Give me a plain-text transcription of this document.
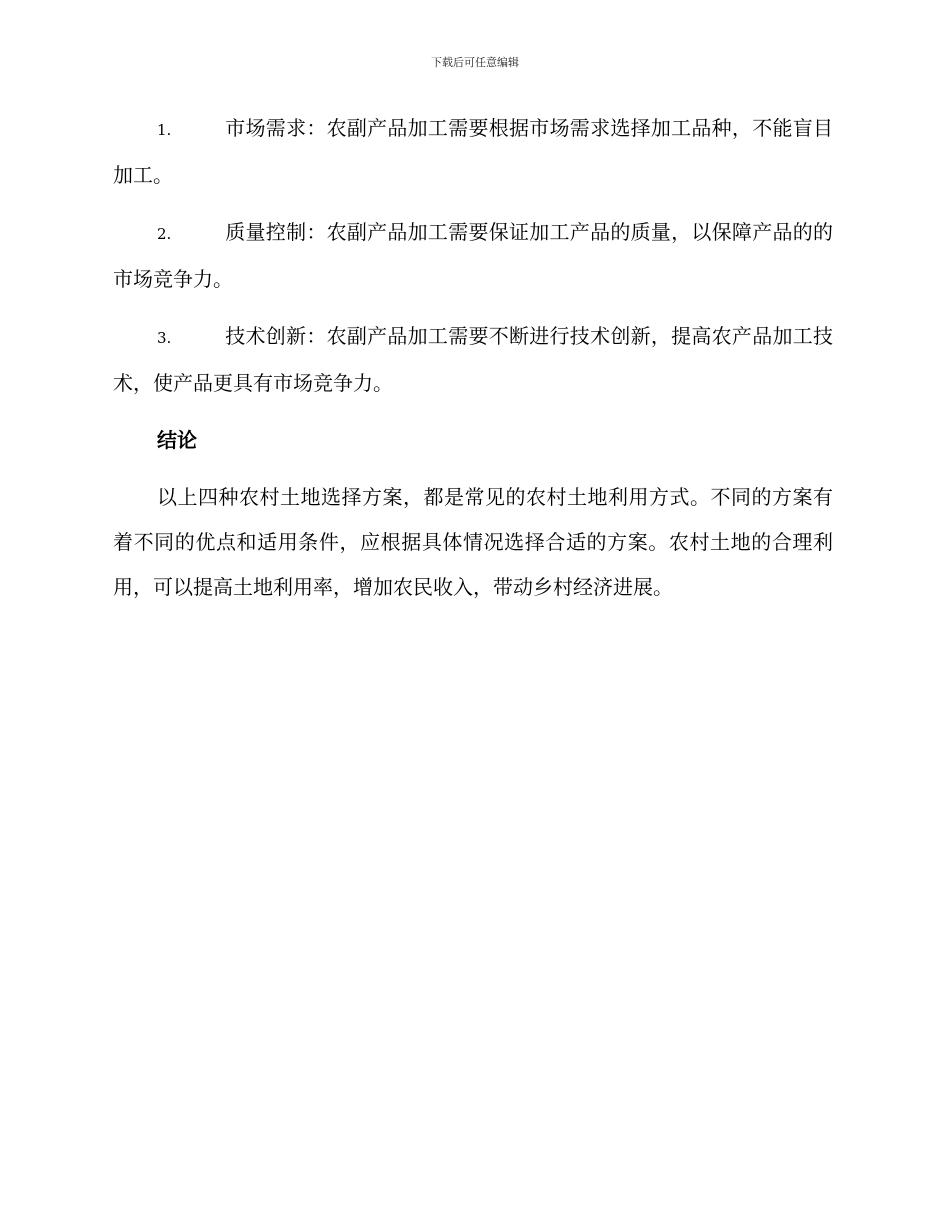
下载后可任意编辑

1.	市场需求：农副产品加工需要根据市场需求选择加工品种，不能盲目加工。

2.	质量控制：农副产品加工需要保证加工产品的质量，以保障产品的的市场竞争力。

3.	技术创新：农副产品加工需要不断进行技术创新，提高农产品加工技术，使产品更具有市场竞争力。

结论

以上四种农村土地选择方案，都是常见的农村土地利用方式。不同的方案有着不同的优点和适用条件，应根据具体情况选择合适的方案。农村土地的合理利用，可以提高土地利用率，增加农民收入，带动乡村经济进展。
